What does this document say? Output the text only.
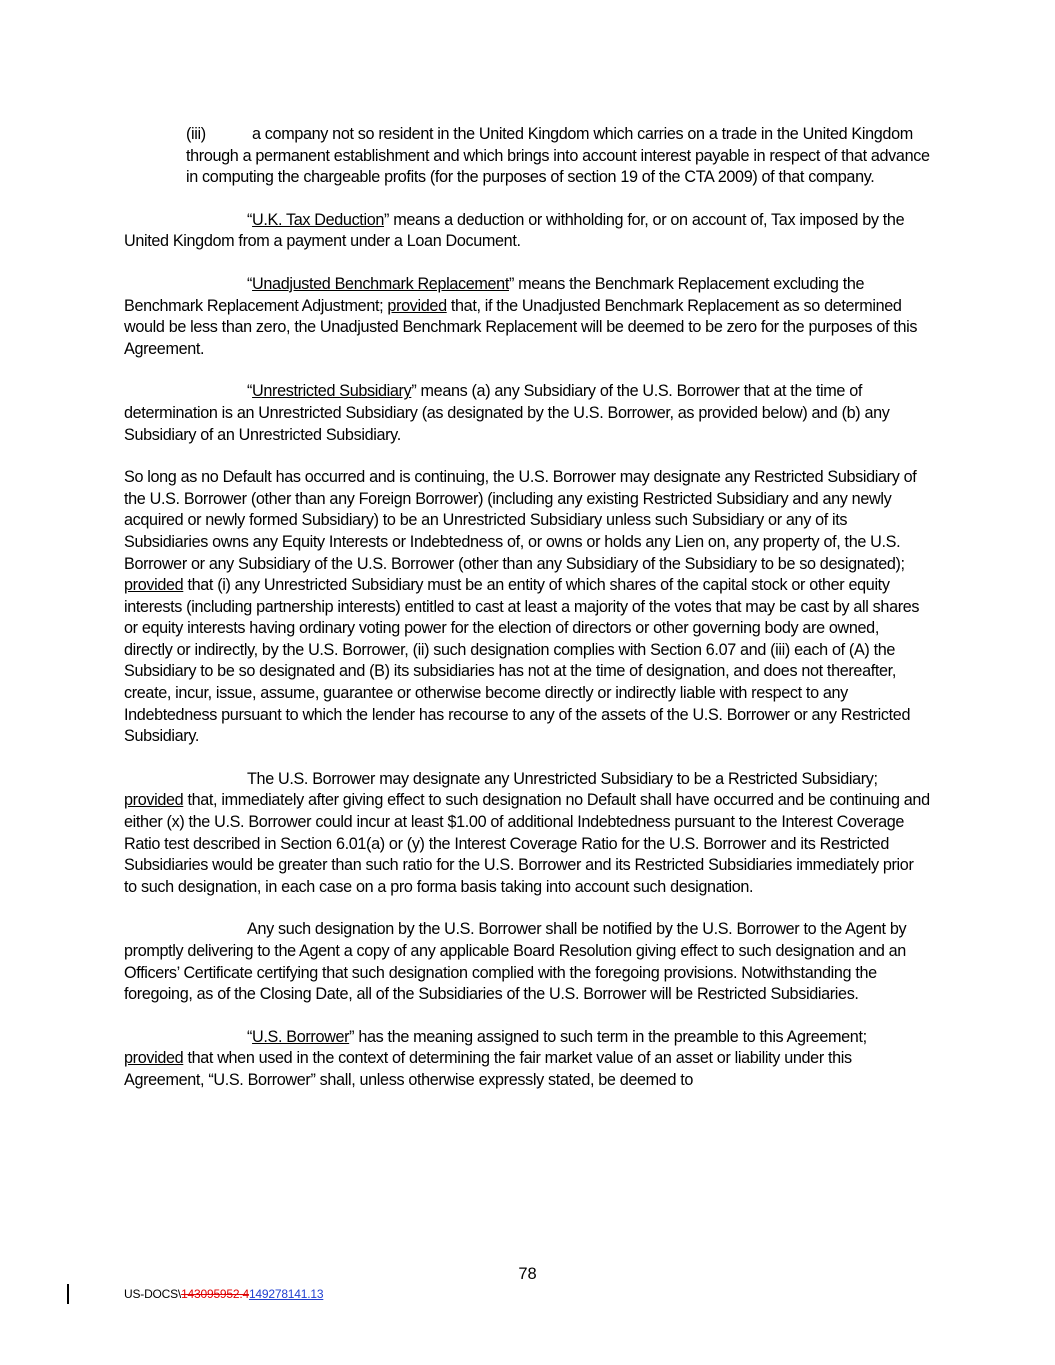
(iii)	a company not so resident in the United Kingdom which carries on a trade in the United Kingdom through a permanent establishment and which brings into account interest payable in respect of that advance in computing the chargeable profits (for the purposes of section 19 of the CTA 2009) of that company.

“U.K. Tax Deduction” means a deduction or withholding for, or on account of, Tax imposed by the United Kingdom from a payment under a Loan Document.

“Unadjusted Benchmark Replacement” means the Benchmark Replacement excluding the Benchmark Replacement Adjustment; provided that, if the Unadjusted Benchmark Replacement as so determined would be less than zero, the Unadjusted Benchmark Replacement will be deemed to be zero for the purposes of this Agreement.

“Unrestricted Subsidiary” means (a) any Subsidiary of the U.S. Borrower that at the time of determination is an Unrestricted Subsidiary (as designated by the U.S. Borrower, as provided below) and (b) any Subsidiary of an Unrestricted Subsidiary.

So long as no Default has occurred and is continuing, the U.S. Borrower may designate any Restricted Subsidiary of the U.S. Borrower (other than any Foreign Borrower) (including any existing Restricted Subsidiary and any newly acquired or newly formed Subsidiary) to be an Unrestricted Subsidiary unless such Subsidiary or any of its Subsidiaries owns any Equity Interests or Indebtedness of, or owns or holds any Lien on, any property of, the U.S. Borrower or any Subsidiary of the U.S. Borrower (other than any Subsidiary of the Subsidiary to be so designated); provided that (i) any Unrestricted Subsidiary must be an entity of which shares of the capital stock or other equity interests (including partnership interests) entitled to cast at least a majority of the votes that may be cast by all shares or equity interests having ordinary voting power for the election of directors or other governing body are owned, directly or indirectly, by the U.S. Borrower, (ii) such designation complies with Section 6.07 and (iii) each of (A) the Subsidiary to be so designated and (B) its subsidiaries has not at the time of designation, and does not thereafter, create, incur, issue, assume, guarantee or otherwise become directly or indirectly liable with respect to any Indebtedness pursuant to which the lender has recourse to any of the assets of the U.S. Borrower or any Restricted Subsidiary.

The U.S. Borrower may designate any Unrestricted Subsidiary to be a Restricted Subsidiary; provided that, immediately after giving effect to such designation no Default shall have occurred and be continuing and either (x) the U.S. Borrower could incur at least $1.00 of additional Indebtedness pursuant to the Interest Coverage Ratio test described in Section 6.01(a) or (y) the Interest Coverage Ratio for the U.S. Borrower and its Restricted Subsidiaries would be greater than such ratio for the U.S. Borrower and its Restricted Subsidiaries immediately prior to such designation, in each case on a pro forma basis taking into account such designation.

Any such designation by the U.S. Borrower shall be notified by the U.S. Borrower to the Agent by promptly delivering to the Agent a copy of any applicable Board Resolution giving effect to such designation and an Officers’ Certificate certifying that such designation complied with the foregoing provisions. Notwithstanding the foregoing, as of the Closing Date, all of the Subsidiaries of the U.S. Borrower will be Restricted Subsidiaries.

“U.S. Borrower” has the meaning assigned to such term in the preamble to this Agreement; provided that when used in the context of determining the fair market value of an asset or liability under this Agreement, “U.S. Borrower” shall, unless otherwise expressly stated, be deemed to

78
US-DOCS\143095952.4149278141.13
